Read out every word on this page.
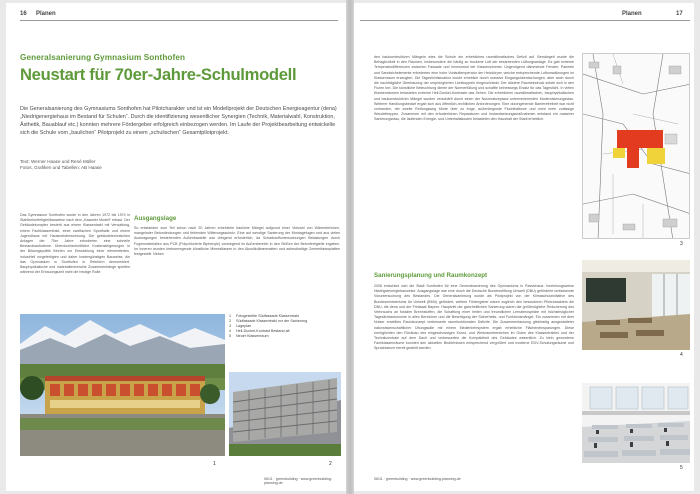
16 Planen
Generalsanierung Gymnasium Sonthofen
Neustart für 70er-Jahre-Schulmodell
Die Generalsanierung des Gymnasiums Sonthofen hat Pilotcharakter und ist ein Modellprojekt der Deutschen Energieagentur (dena) „Niedrigenergiehaus im Bestand für Schulen“. Durch die identifizierung wesentlicher Synergien (Technik, Materialwahl, Konstruktion, Ästhetik, Bauablauf etc.) konnten mehrere Fördergeber erfolgreich einbezogen werden. Im Laufe der Projektbearbeitung entwickelte sich die Schule vom „baulichen“ Pilotprojekt zu einem „schulischen“ Gesamtpilotprojekt.
Text: Werner Haase und René Müller
Fotos, Grafiken und Tabellen: AB Haase
Das Gymnasium Sonthofen wurde in den Jahren 1972 bis 1974 in Stahlbetonfertigteilbauweise nach dem „Kasseler Modell“ erbaut. Der Gebäudekomplex besteht aus einem Klassentrakt mit Verwaltung, einem Fachklassentrakt, einer zweifachen Sporthalle und einem Jugendhaus mit Hausmeisterwohnung. Die gebäudetechnischen Anlagen der 70er Jahre erforderten eine schnelle Bestandsaufnahme. Überdurchschnittliche Kostensteigerungen in der Bildungspolitik führten zur Entwicklung einer elementierten, industriell vorgefertigten und daher kostengünstigen Bauweise, die das Gymnasium in Sonthofen in Reinform demonstriert. Bauphysikalische und materialtechnische Zusammenhänge spielten während der Erbauungszeit nicht die heutige Rolle.
Ausgangslage
So entstanden zum Teil schon nach 20 Jahren erhebliche bauliche Mängel aufgrund einer Vielzahl von Wärmebrücken, mangelnder Betondeckungen und fehlenden Witterungsschutz. Eine auf wendige Sanierung der Montagefugen und aus vielen Auskragungen bestehenden Außenbauteile war dringend erforderlich, da Schadstoffuntersuchungen Belastungen durch Fugenmaterialien aus PCB (Polychlorierte Biphenyle) vorwiegend im Außenbereich in den Stößen der Betonfertigteile ergaben. Im Inneren wurden krebserregende künstliche Mineralfasern in den Akustikdämmmatten und asbesthaltige Zementfaserplatten festgestellt. Neben
1
1	Fotogestellte Südfassade Klassentrakt
2	Südfassade Klassentrakt vor der Sanierung
3	Lageplan
4	Hell-Dunkel-Kontrast Bestand alt
5	Neuer Klassenraum
2
06/11 · greenbuilding · www.greenbuilding-planning.de
Planen	17
den baukonstruktiven Mängeln wies die Schule ein erhebliches raumklimatisches Defizit auf. Bemängelt wurde die Behaglichkeit in den Räumen, insbesondere die häufig zu trockene Luft der bestehenden Lüftungsanlage. Es gab extreme Temperaturdifferenzen zwischen Fassade und Innenwand der Klassenzimmer. Ungenügend dämmende Fenster, Paneele und Sandwichelemente erforderten eine hohe Vorlauftemperatur der Heizkörper, welche entsprechende Luftumwälzungen im Klassenraum erzeugten. Die Tageslichtsituation wurde erheblich durch massive Eingangsüberdachungen, aber auch durch die nachträgliche Überbauung der ursprünglichen Lichtkuppeln eingeschränkt. Der düstere Raumeindruck setzte sich in den Fluren fort. Die künstliche Beleuchtung diente der Normerfüllung und schaffte keineswegs Ersatz für das Tageslicht. In vielen Klassenräumen belasteten extreme Hell-Dunkel-Kontraste das Sehen. Die erheblichen raumklimatischen, bauphysikalischen und baukonstruktiven Mängel wurden verschärft durch einen der Nutzerakzeptanz unterminierenden Modernisierungsstau. Weiterer Handlungsbedarf ergab sich aus öffentlich-rechtlichen Anforderungen. Eine durchgehende Barrierefreiheit war nicht vorhanden, der zweite Rettungsweg führte über zu enge, außenliegende Fluchtbalkone und nicht mehr zulässige Wendeltreppen. Zusammen mit den erforderlichen Reparaturen und Instandsetzungsmaßnahmen entstand ein massiver Sanierungsstau, die laufenden Energie- und Unterhaltskosten belasteten den Haushalt der Stadt erheblich.
Sanierungsplanung und Raumkonzept
2008 entschied sich die Stadt Sonthofen für eine Generalsanierung des Gymnasiums in Passivhaus- beziehungsweise Niedrigstenergiebauweise. Ausgangslage war eine durch die Deutsche Bundesstiftung Umwelt (DBU) geförderte umfassende Voruntersuchung des Bestandes. Die Generalsanierung wurde als Pilotprojekt von der Klimaschutzinitiative des Bundesministeriums für Umwelt (BMU) gefördert, weitere Fördergeber waren zugleich den besonderen Pilotcharakters die DBU, die dena und der Freistaat Bayern. Hauptziel der ganzheitlichen Sanierung waren die größtmögliche Reduzierung des Verbrauchs an fossilen Brennstoffen, die Schaffung einer hellen und freundlichen Lernatmosphäre mit höchstmöglicher Tageslichtautonomie in allen Bereichen und die Beseitigung der Sicherheits- und Funktionsmängel. Ein zusammen mit dem Nutzer erstelltes Raumkonzept verbesserte raumfunktionalen Defizite. Die Zusammenfassung gleichartig ausgestatteter naturwissenschaftlicher Übungssäle mit einem Medienlehrsystem ergab erhebliche Flächeneinsparungen. Diese ermöglichten den Rückbau des eingeschossigen Kunst- und Werkraumbereiches im Osten des Klassentraktes und der Technikzentrale auf dem Dach und verbesserten die Kompaktheit des Gebäudes wesentlich. Zu klein gewordene Fachklassenräume konnten den aktuellen Bedürfnissen entsprechend vergrößert und moderne EDV-Schulungsräume und Sprachlabore bereit gestellt werden.
3
4
5
06/11 · greenbuilding · www.greenbuilding-planning.de
